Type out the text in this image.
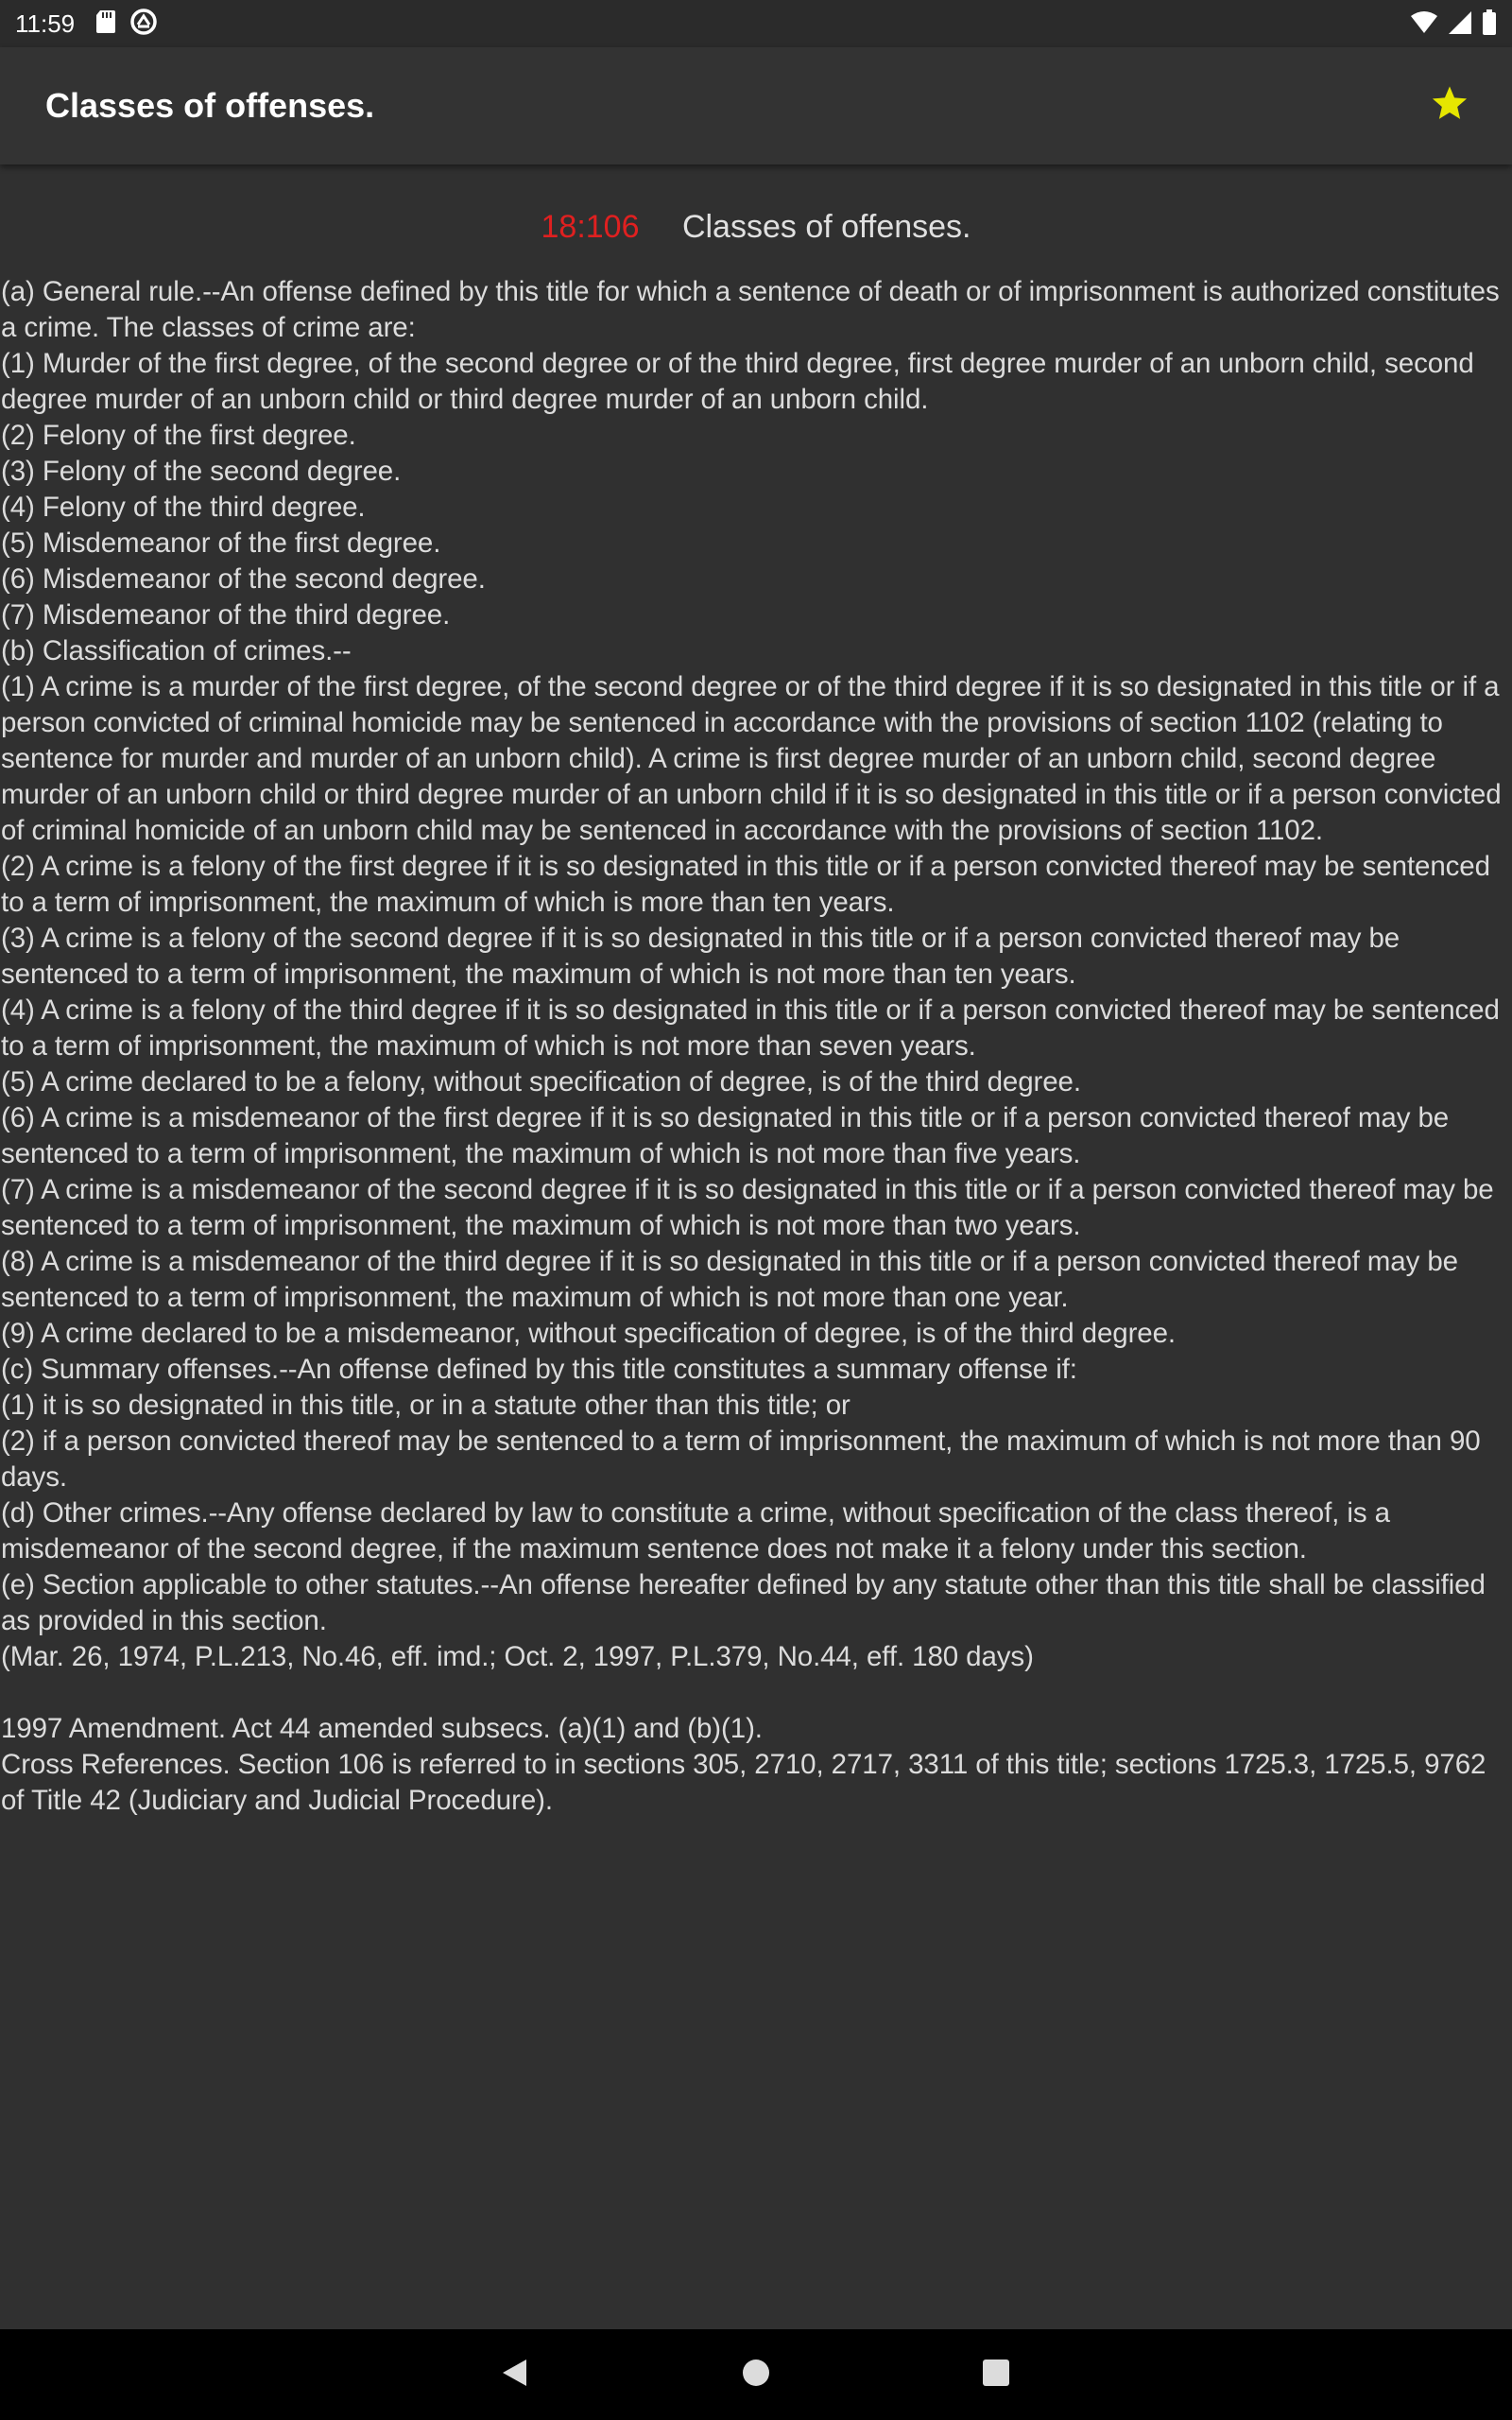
11:59
Classes of offenses.
18:106 Classes of offenses.

(a) General rule.--An offense defined by this title for which a sentence of death or of imprisonment is authorized constitutes a crime. The classes of crime are:

(1) Murder of the first degree, of the second degree or of the third degree, first degree murder of an unborn child, second degree murder of an unborn child or third degree murder of an unborn child.

(2) Felony of the first degree.

(3) Felony of the second degree.

(4) Felony of the third degree.

(5) Misdemeanor of the first degree.

(6) Misdemeanor of the second degree.

(7) Misdemeanor of the third degree.

(b) Classification of crimes.--

(1) A crime is a murder of the first degree, of the second degree or of the third degree if it is so designated in this title or if a person convicted of criminal homicide may be sentenced in accordance with the provisions of section 1102 (relating to sentence for murder and murder of an unborn child). A crime is first degree murder of an unborn child, second degree murder of an unborn child or third degree murder of an unborn child if it is so designated in this title or if a person convicted of criminal homicide of an unborn child may be sentenced in accordance with the provisions of section 1102.

(2) A crime is a felony of the first degree if it is so designated in this title or if a person convicted thereof may be sentenced to a term of imprisonment, the maximum of which is more than ten years.

(3) A crime is a felony of the second degree if it is so designated in this title or if a person convicted thereof may be sentenced to a term of imprisonment, the maximum of which is not more than ten years.

(4) A crime is a felony of the third degree if it is so designated in this title or if a person convicted thereof may be sentenced to a term of imprisonment, the maximum of which is not more than seven years.

(5) A crime declared to be a felony, without specification of degree, is of the third degree.

(6) A crime is a misdemeanor of the first degree if it is so designated in this title or if a person convicted thereof may be sentenced to a term of imprisonment, the maximum of which is not more than five years.

(7) A crime is a misdemeanor of the second degree if it is so designated in this title or if a person convicted thereof may be sentenced to a term of imprisonment, the maximum of which is not more than two years.

(8) A crime is a misdemeanor of the third degree if it is so designated in this title or if a person convicted thereof may be sentenced to a term of imprisonment, the maximum of which is not more than one year.

(9) A crime declared to be a misdemeanor, without specification of degree, is of the third degree.

(c) Summary offenses.--An offense defined by this title constitutes a summary offense if:

(1) it is so designated in this title, or in a statute other than this title; or

(2) if a person convicted thereof may be sentenced to a term of imprisonment, the maximum of which is not more than 90 days.

(d) Other crimes.--Any offense declared by law to constitute a crime, without specification of the class thereof, is a misdemeanor of the second degree, if the maximum sentence does not make it a felony under this section.

(e) Section applicable to other statutes.--An offense hereafter defined by any statute other than this title shall be classified as provided in this section.

(Mar. 26, 1974, P.L.213, No.46, eff. imd.; Oct. 2, 1997, P.L.379, No.44, eff. 180 days)

1997 Amendment. Act 44 amended subsecs. (a)(1) and (b)(1).

Cross References. Section 106 is referred to in sections 305, 2710, 2717, 3311 of this title; sections 1725.3, 1725.5, 9762 of Title 42 (Judiciary and Judicial Procedure).
